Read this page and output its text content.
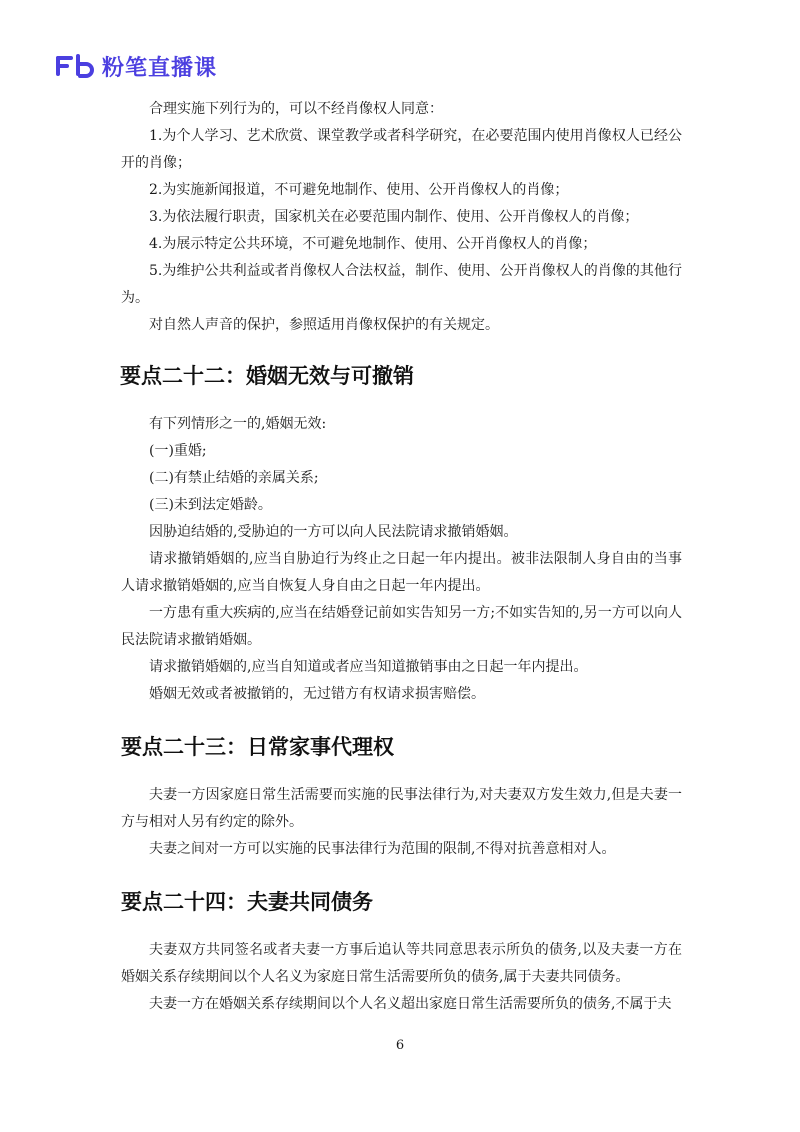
粉笔直播课

合理实施下列行为的，可以不经肖像权人同意：

1.为个人学习、艺术欣赏、课堂教学或者科学研究，在必要范围内使用肖像权人已经公开的肖像；

2.为实施新闻报道，不可避免地制作、使用、公开肖像权人的肖像；

3.为依法履行职责，国家机关在必要范围内制作、使用、公开肖像权人的肖像；

4.为展示特定公共环境，不可避免地制作、使用、公开肖像权人的肖像；

5.为维护公共利益或者肖像权人合法权益，制作、使用、公开肖像权人的肖像的其他行为。

对自然人声音的保护，参照适用肖像权保护的有关规定。

要点二十二：婚姻无效与可撤销

有下列情形之一的,婚姻无效:

(一)重婚;

(二)有禁止结婚的亲属关系;

(三)未到法定婚龄。

因胁迫结婚的,受胁迫的一方可以向人民法院请求撤销婚姻。

请求撤销婚姻的,应当自胁迫行为终止之日起一年内提出。被非法限制人身自由的当事人请求撤销婚姻的,应当自恢复人身自由之日起一年内提出。

一方患有重大疾病的,应当在结婚登记前如实告知另一方;不如实告知的,另一方可以向人民法院请求撤销婚姻。

请求撤销婚姻的,应当自知道或者应当知道撤销事由之日起一年内提出。

婚姻无效或者被撤销的，无过错方有权请求损害赔偿。

要点二十三：日常家事代理权

夫妻一方因家庭日常生活需要而实施的民事法律行为,对夫妻双方发生效力,但是夫妻一方与相对人另有约定的除外。

夫妻之间对一方可以实施的民事法律行为范围的限制,不得对抗善意相对人。

要点二十四：夫妻共同债务

夫妻双方共同签名或者夫妻一方事后追认等共同意思表示所负的债务,以及夫妻一方在婚姻关系存续期间以个人名义为家庭日常生活需要所负的债务,属于夫妻共同债务。

夫妻一方在婚姻关系存续期间以个人名义超出家庭日常生活需要所负的债务,不属于夫

6
